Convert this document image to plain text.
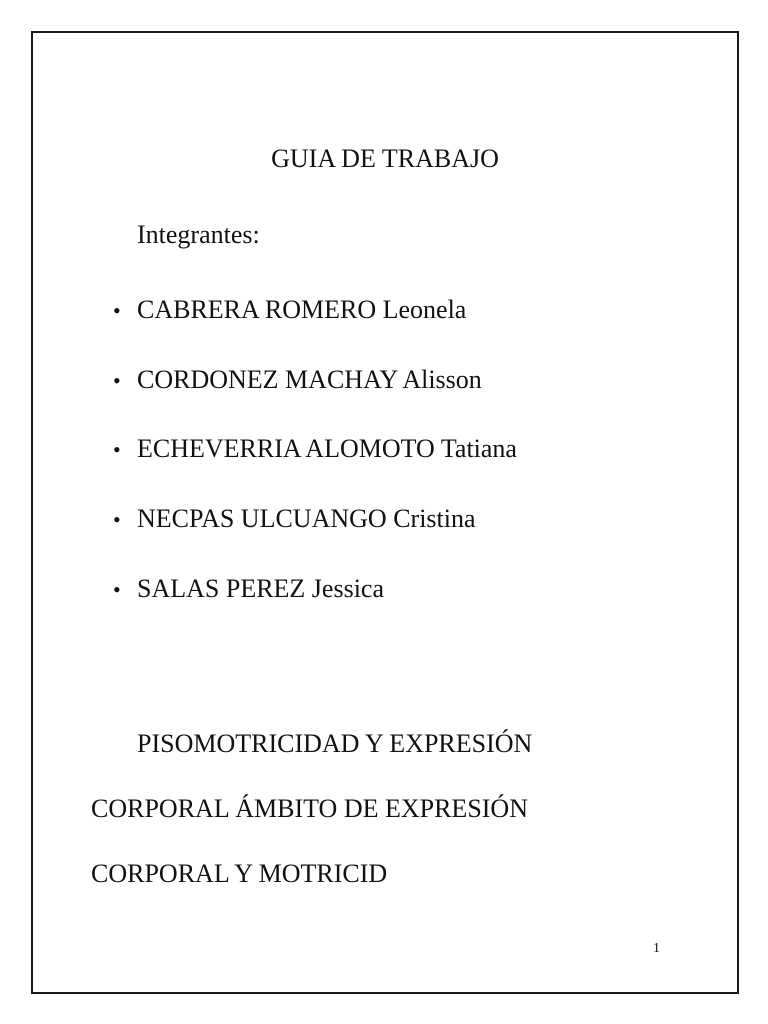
GUIA DE TRABAJO
Integrantes:
• CABRERA ROMERO Leonela
• CORDONEZ MACHAY Alisson
• ECHEVERRIA ALOMOTO Tatiana
• NECPAS ULCUANGO Cristina
• SALAS PEREZ Jessica
PISOMOTRICIDAD Y EXPRESIÓN
CORPORAL ÁMBITO DE EXPRESIÓN
CORPORAL Y MOTRICID
1
